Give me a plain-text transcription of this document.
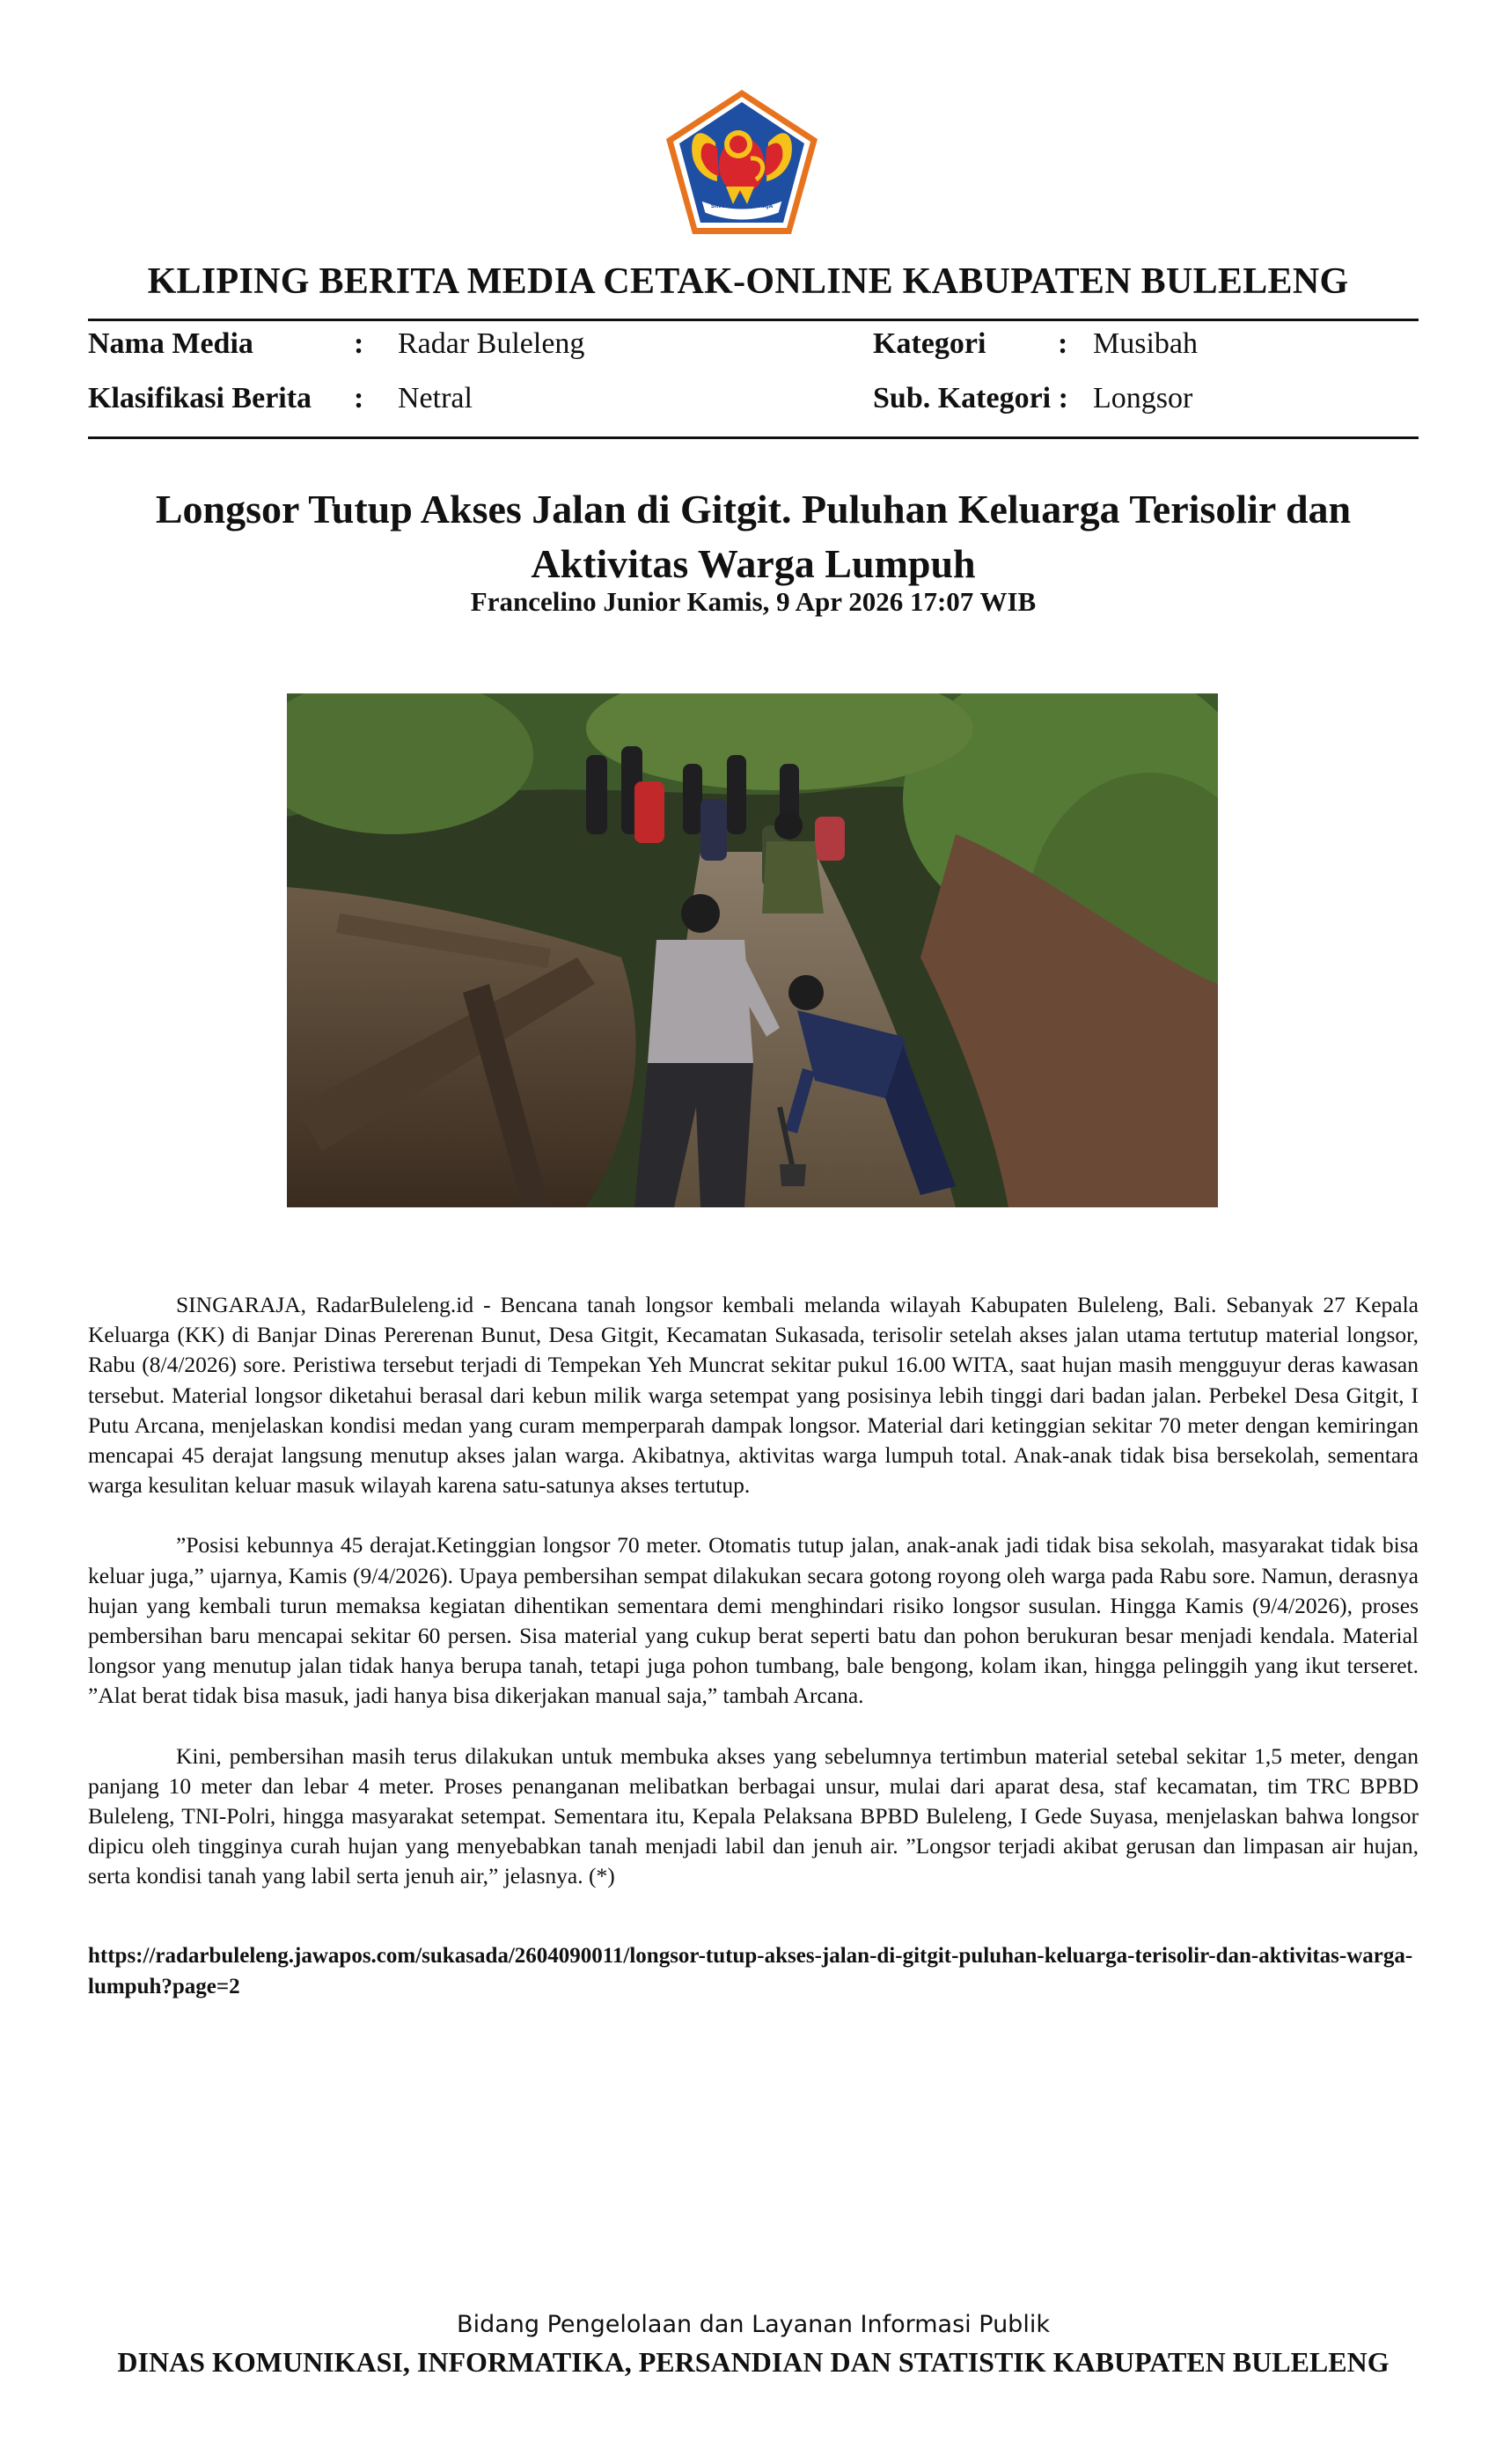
SINGA AMBARA RAJA
KLIPING BERITA MEDIA CETAK-ONLINE KABUPATEN BULELENG
Nama Media	: Radar Buleleng	Kategori : Musibah
Klasifikasi Berita : Netral	Sub. Kategori : Longsor
Longsor Tutup Akses Jalan di Gitgit. Puluhan Keluarga Terisolir dan Aktivitas Warga Lumpuh
Francelino Junior Kamis, 9 Apr 2026 17:07 WIB

SINGARAJA, RadarBuleleng.id - Bencana tanah longsor kembali melanda wilayah Kabupaten Buleleng, Bali. Sebanyak 27 Kepala Keluarga (KK) di Banjar Dinas Pererenan Bunut, Desa Gitgit, Kecamatan Sukasada, terisolir setelah akses jalan utama tertutup material longsor, Rabu (8/4/2026) sore. Peristiwa tersebut terjadi di Tempekan Yeh Muncrat sekitar pukul 16.00 WITA, saat hujan masih mengguyur deras kawasan tersebut. Material longsor diketahui berasal dari kebun milik warga setempat yang posisinya lebih tinggi dari badan jalan. Perbekel Desa Gitgit, I Putu Arcana, menjelaskan kondisi medan yang curam memperparah dampak longsor. Material dari ketinggian sekitar 70 meter dengan kemiringan mencapai 45 derajat langsung menutup akses jalan warga. Akibatnya, aktivitas warga lumpuh total. Anak-anak tidak bisa bersekolah, sementara warga kesulitan keluar masuk wilayah karena satu-satunya akses tertutup.

”Posisi kebunnya 45 derajat.Ketinggian longsor 70 meter. Otomatis tutup jalan, anak-anak jadi tidak bisa sekolah, masyarakat tidak bisa keluar juga,” ujarnya, Kamis (9/4/2026). Upaya pembersihan sempat dilakukan secara gotong royong oleh warga pada Rabu sore. Namun, derasnya hujan yang kembali turun memaksa kegiatan dihentikan sementara demi menghindari risiko longsor susulan. Hingga Kamis (9/4/2026), proses pembersihan baru mencapai sekitar 60 persen. Sisa material yang cukup berat seperti batu dan pohon berukuran besar menjadi kendala. Material longsor yang menutup jalan tidak hanya berupa tanah, tetapi juga pohon tumbang, bale bengong, kolam ikan, hingga pelinggih yang ikut terseret. ”Alat berat tidak bisa masuk, jadi hanya bisa dikerjakan manual saja,” tambah Arcana.

Kini, pembersihan masih terus dilakukan untuk membuka akses yang sebelumnya tertimbun material setebal sekitar 1,5 meter, dengan panjang 10 meter dan lebar 4 meter. Proses penanganan melibatkan berbagai unsur, mulai dari aparat desa, staf kecamatan, tim TRC BPBD Buleleng, TNI-Polri, hingga masyarakat setempat. Sementara itu, Kepala Pelaksana BPBD Buleleng, I Gede Suyasa, menjelaskan bahwa longsor dipicu oleh tingginya curah hujan yang menyebabkan tanah menjadi labil dan jenuh air. ”Longsor terjadi akibat gerusan dan limpasan air hujan, serta kondisi tanah yang labil serta jenuh air,” jelasnya. (*)

https://radarbuleleng.jawapos.com/sukasada/2604090011/longsor-tutup-akses-jalan-di-gitgit-puluhan-keluarga-terisolir-dan-aktivitas-warga-lumpuh?page=2
Bidang Pengelolaan dan Layanan Informasi Publik
DINAS KOMUNIKASI, INFORMATIKA, PERSANDIAN DAN STATISTIK KABUPATEN BULELENG
